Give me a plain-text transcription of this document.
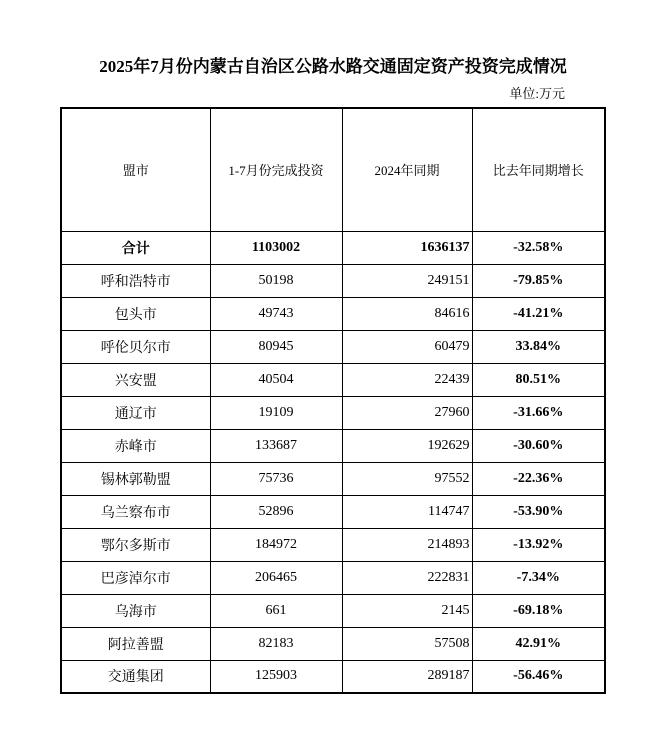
2025年7月份内蒙古自治区公路水路交通固定资产投资完成情况
单位:万元
盟市	1-7月份完成投资	2024年同期	比去年同期增长
合计	1103002	1636137	-32.58%
呼和浩特市	50198	249151	-79.85%
包头市	49743	84616	-41.21%
呼伦贝尔市	80945	60479	33.84%
兴安盟	40504	22439	80.51%
通辽市	19109	27960	-31.66%
赤峰市	133687	192629	-30.60%
锡林郭勒盟	75736	97552	-22.36%
乌兰察布市	52896	114747	-53.90%
鄂尔多斯市	184972	214893	-13.92%
巴彦淖尔市	206465	222831	-7.34%
乌海市	661	2145	-69.18%
阿拉善盟	82183	57508	42.91%
交通集团	125903	289187	-56.46%
